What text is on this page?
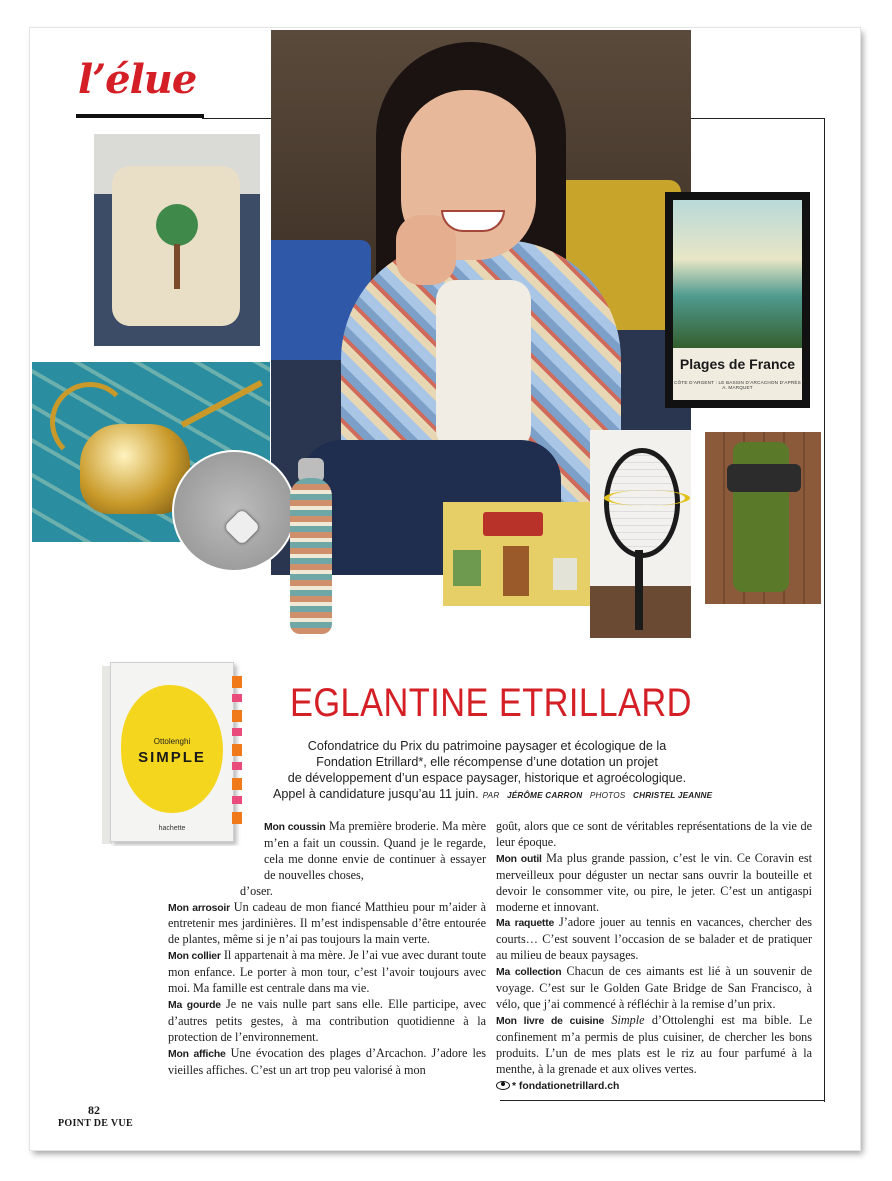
l’élue
Plages de France
CÔTE D’ARGENT : LE BASSIN D’ARCACHON D’APRÈS A. MARQUET
Ottolenghi
SIMPLE
hachette
EGLANTINE ETRILLARD
Cofondatrice du Prix du patrimoine paysager et écologique de la
Fondation Etrillard*, elle récompense d’une dotation un projet
de développement d’un espace paysager, historique et agroécologique.
Appel à candidature jusqu’au 11 juin. PAR JÉRÔME CARRON PHOTOS CHRISTEL JEANNE

Mon coussin Ma première broderie. Ma mère m’en a fait un coussin. Quand je le regarde, cela me donne envie de continuer à essayer de nouvelles choses,

d’oser.

Mon arrosoir Un cadeau de mon fiancé Matthieu pour m’aider à entretenir mes jardinières. Il m’est indispensable d’être entourée de plantes, même si je n’ai pas toujours la main verte.

Mon collier Il appartenait à ma mère. Je l’ai vue avec durant toute mon enfance. Le porter à mon tour, c’est l’avoir toujours avec moi. Ma famille est centrale dans ma vie.

Ma gourde Je ne vais nulle part sans elle. Elle participe, avec d’autres petits gestes, à ma contribution quotidienne à la protection de l’environnement.

Mon affiche Une évocation des plages d’Arcachon. J’adore les vieilles affiches. C’est un art trop peu valorisé à mon

goût, alors que ce sont de véritables représentations de la vie de leur époque.

Mon outil Ma plus grande passion, c’est le vin. Ce Coravin est merveilleux pour déguster un nectar sans ouvrir la bouteille et devoir le consommer vite, ou pire, le jeter. C’est un antigaspi moderne et innovant.

Ma raquette J’adore jouer au tennis en vacances, chercher des courts… C’est souvent l’occasion de se balader et de pratiquer au milieu de beaux paysages.

Ma collection Chacun de ces aimants est lié à un souvenir de voyage. C’est sur le Golden Gate Bridge de San Francisco, à vélo, que j’ai commencé à réfléchir à la remise d’un prix.

Mon livre de cuisine Simple d’Ottolenghi est ma bible. Le confinement m’a permis de plus cuisiner, de chercher les bons produits. L’un de mes plats est le riz au four parfumé à la menthe, à la grenade et aux olives vertes.

* fondationetrillard.ch

82
POINT DE VUE
